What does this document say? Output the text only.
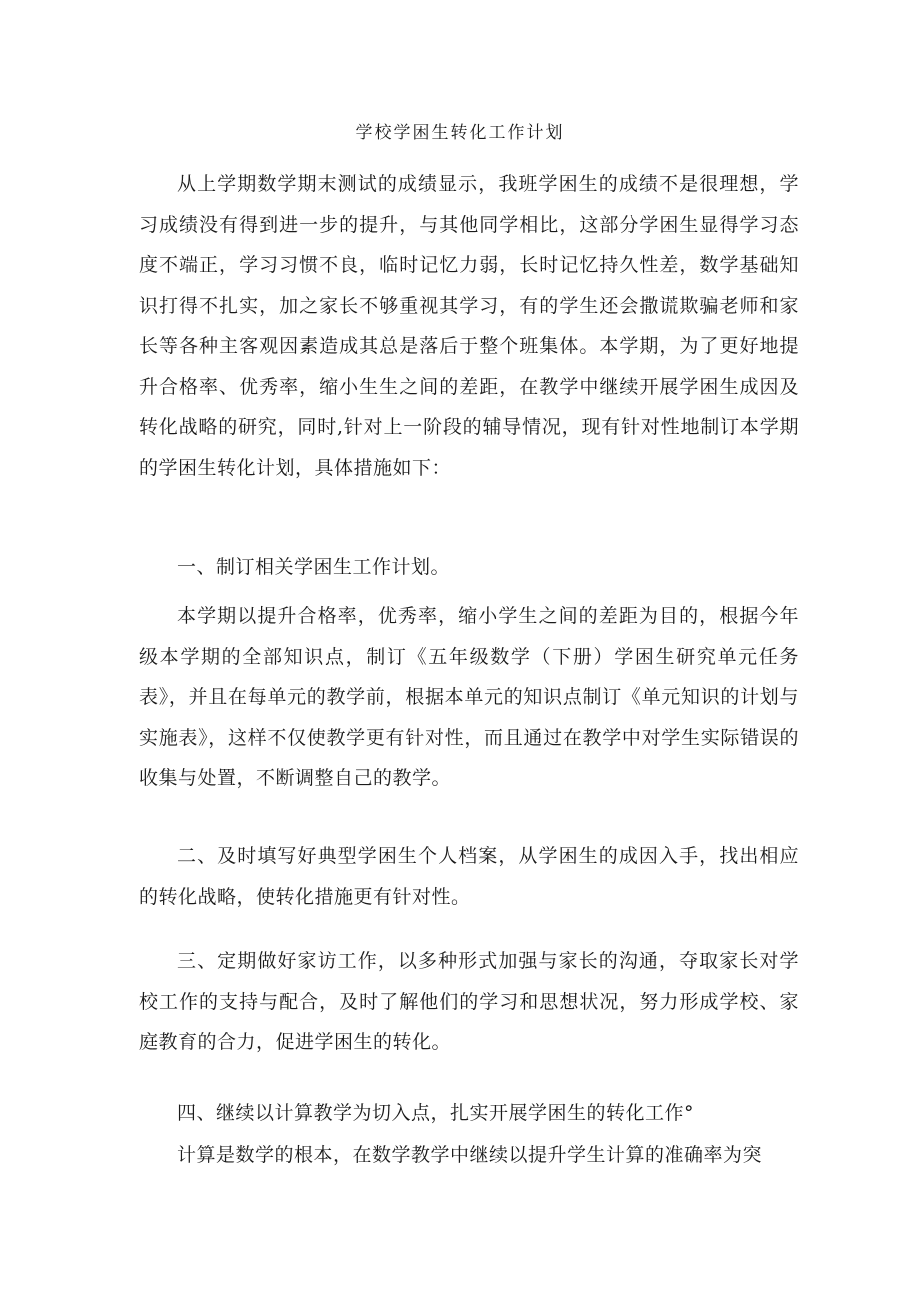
学校学困生转化工作计划

从上学期数学期末测试的成绩显示，我班学困生的成绩不是很理想，学习成绩没有得到进一步的提升，与其他同学相比，这部分学困生显得学习态度不端正，学习习惯不良，临时记忆力弱，长时记忆持久性差，数学基础知识打得不扎实，加之家长不够重视其学习，有的学生还会撒谎欺骗老师和家长等各种主客观因素造成其总是落后于整个班集体。本学期，为了更好地提升合格率、优秀率，缩小生生之间的差距，在教学中继续开展学困生成因及转化战略的研究，同时,针对上一阶段的辅导情况，现有针对性地制订本学期的学困生转化计划，具体措施如下：

一、制订相关学困生工作计划。

本学期以提升合格率，优秀率，缩小学生之间的差距为目的，根据今年级本学期的全部知识点，制订《五年级数学（下册）学困生研究单元任务表》，并且在每单元的教学前，根据本单元的知识点制订《单元知识的计划与实施表》，这样不仅使教学更有针对性，而且通过在教学中对学生实际错误的收集与处置，不断调整自己的教学。

二、及时填写好典型学困生个人档案，从学困生的成因入手，找出相应的转化战略，使转化措施更有针对性。

三、定期做好家访工作，以多种形式加强与家长的沟通，夺取家长对学校工作的支持与配合，及时了解他们的学习和思想状况，努力形成学校、家庭教育的合力，促进学困生的转化。

四、继续以计算教学为切入点，扎实开展学困生的转化工作°

计算是数学的根本，在数学教学中继续以提升学生计算的准确率为突
